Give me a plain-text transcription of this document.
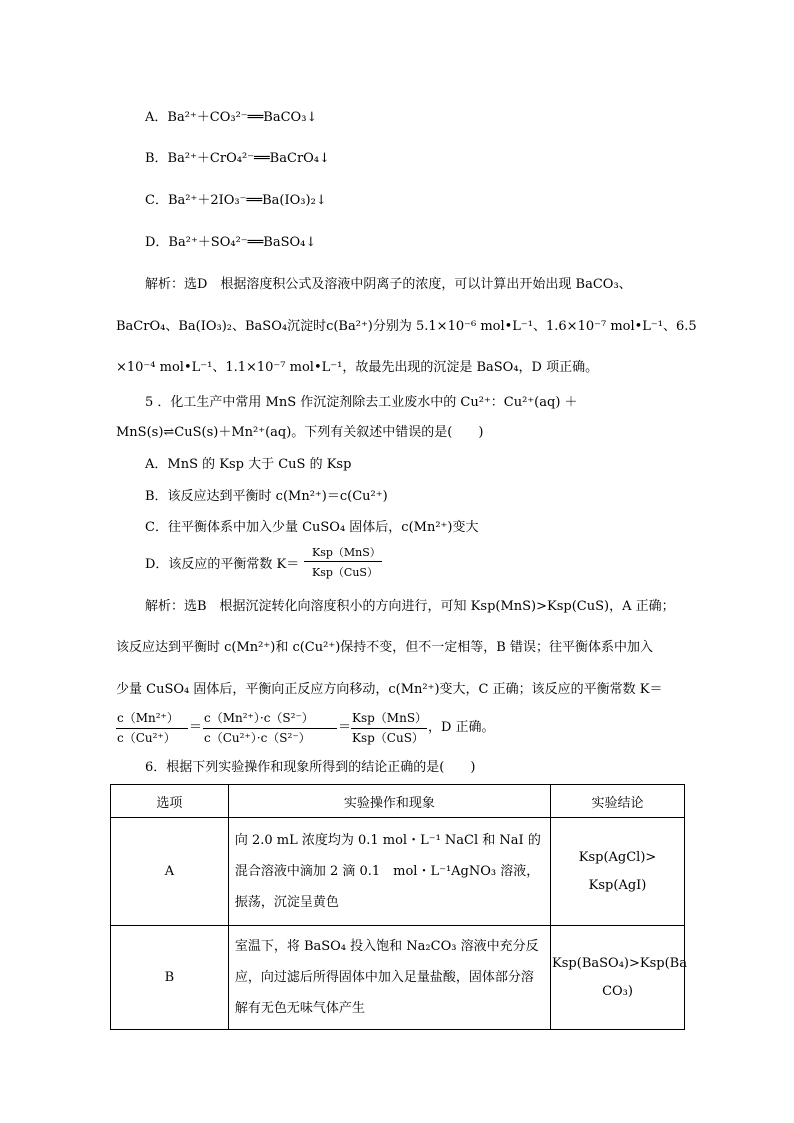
A．Ba²⁺＋CO₃²⁻══BaCO₃↓
B．Ba²⁺＋CrO₄²⁻══BaCrO₄↓
C．Ba²⁺＋2IO₃⁻══Ba(IO₃)₂↓
D．Ba²⁺＋SO₄²⁻══BaSO₄↓
解析：选D　根据溶度积公式及溶液中阴离子的浓度，可以计算出开始出现 BaCO₃、
BaCrO₄、Ba(IO₃)₂、BaSO₄沉淀时c(Ba²⁺)分别为 5.1×10⁻⁶ mol•L⁻¹、1.6×10⁻⁷ mol•L⁻¹、6.5
×10⁻⁴ mol•L⁻¹、1.1×10⁻⁷ mol•L⁻¹，故最先出现的沉淀是 BaSO₄，D 项正确。
5 ．化工生产中常用 MnS 作沉淀剂除去工业废水中的 Cu²⁺：Cu²⁺(aq) ＋
MnS(s)⇌CuS(s)＋Mn²⁺(aq)。下列有关叙述中错误的是(　　)
A．MnS 的 Ksp 大于 CuS 的 Ksp
B．该反应达到平衡时 c(Mn²⁺)＝c(Cu²⁺)
C．往平衡体系中加入少量 CuSO₄ 固体后，c(Mn²⁺)变大
D．该反应的平衡常数 K＝
Ksp（MnS）
Ksp（CuS）
解析：选B　根据沉淀转化向溶度积小的方向进行，可知 Ksp(MnS)>Ksp(CuS)，A 正确；
该反应达到平衡时 c(Mn²⁺)和 c(Cu²⁺)保持不变，但不一定相等，B 错误；往平衡体系中加入
少量 CuSO₄ 固体后，平衡向正反应方向移动，c(Mn²⁺)变大，C 正确；该反应的平衡常数 K＝
c（Mn²⁺）
c（Cu²⁺）
＝
c（Mn²⁺）·c（S²⁻）
c（Cu²⁺）·c（S²⁻）
＝
Ksp（MnS）
Ksp（CuS）
，D 正确。
6．根据下列实验操作和现象所得到的结论正确的是(　　)
选项	实验操作和现象	实验结论
A	向 2.0 mL 浓度均为 0.1 mol・L⁻¹ NaCl 和 NaI 的混合溶液中滴加 2 滴 0.1　mol・L⁻¹AgNO₃ 溶液，振荡，沉淀呈黄色	Ksp(AgCl)>
Ksp(AgI)

B	室温下，将 BaSO₄ 投入饱和 Na₂CO₃ 溶液中充分反应，向过滤后所得固体中加入足量盐酸，固体部分溶解有无色无味气体产生	Ksp(BaSO₄)>Ksp(Ba
CO₃)
